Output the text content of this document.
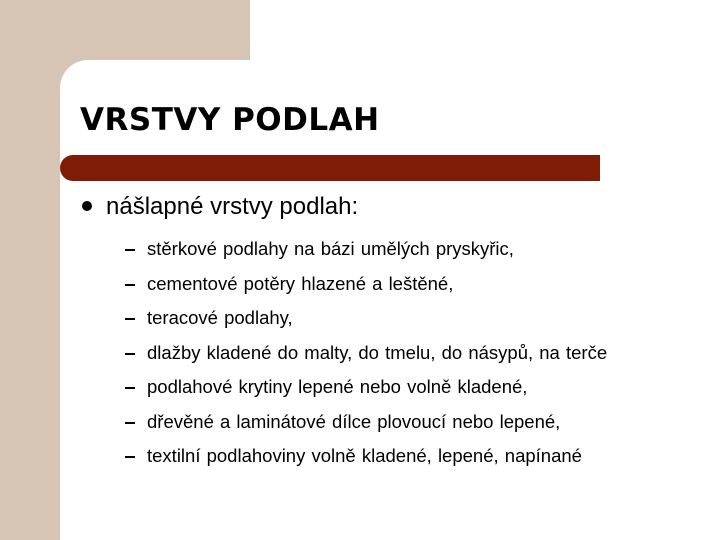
VRSTVY PODLAH
nášlapné vrstvy podlah:
stěrkové podlahy na bázi umělých pryskyřic,
cementové potěry hlazené a leštěné,
teracové podlahy,
dlažby kladené do malty, do tmelu, do násypů, na terče
podlahové krytiny lepené nebo volně kladené,
dřevěné a laminátové dílce plovoucí nebo lepené,
textilní podlahoviny volně kladené, lepené, napínané
